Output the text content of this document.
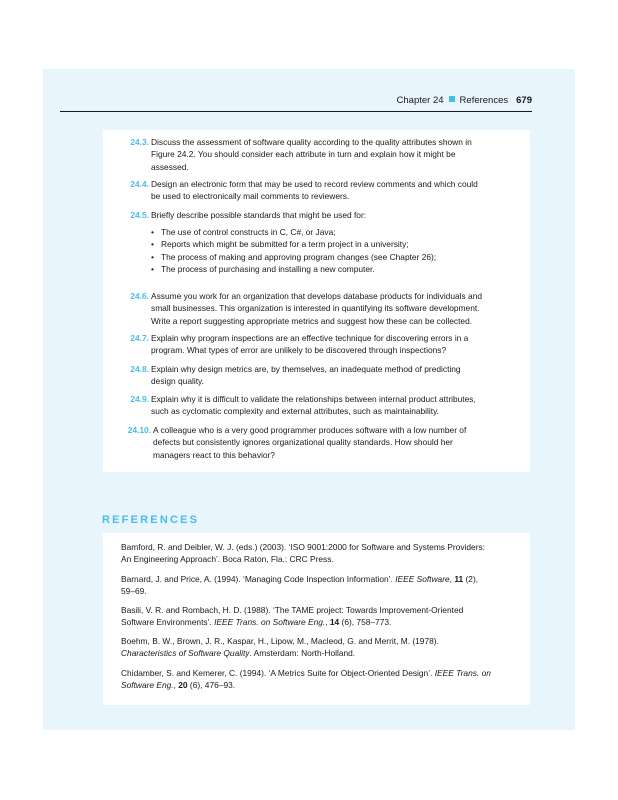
Chapter 24 References 679
24.3. Discuss the assessment of software quality according to the quality attributes shown in
Figure 24.2. You should consider each attribute in turn and explain how it might be
assessed.
24.4. Design an electronic form that may be used to record review comments and which could
be used to electronically mail comments to reviewers.
24.5. Briefly describe possible standards that might be used for:
• The use of control constructs in C, C#, or Java;
• Reports which might be submitted for a term project in a university;
• The process of making and approving program changes (see Chapter 26);
• The process of purchasing and installing a new computer.
24.6. Assume you work for an organization that develops database products for individuals and
small businesses. This organization is interested in quantifying its software development.
Write a report suggesting appropriate metrics and suggest how these can be collected.
24.7. Explain why program inspections are an effective technique for discovering errors in a
program. What types of error are unlikely to be discovered through inspections?
24.8. Explain why design metrics are, by themselves, an inadequate method of predicting
design quality.
24.9. Explain why it is difficult to validate the relationships between internal product attributes,
such as cyclomatic complexity and external attributes, such as maintainability.
24.10. A colleague who is a very good programmer produces software with a low number of
defects but consistently ignores organizational quality standards. How should her
managers react to this behavior?
REFERENCES
Bamford, R. and Deibler, W. J. (eds.) (2003). ‘ISO 9001:2000 for Software and Systems Providers:
An Engineering Approach’. Boca Raton, Fla.: CRC Press.
Barnard, J. and Price, A. (1994). ‘Managing Code Inspection Information’. IEEE Software, 11 (2),
59–69.
Basili, V. R. and Rombach, H. D. (1988). ‘The TAME project: Towards Improvement-Oriented
Software Environments’. IEEE Trans. on Software Eng., 14 (6), 758–773.
Boehm, B. W., Brown, J. R., Kaspar, H., Lipow, M., Macleod, G. and Merrit, M. (1978).
Characteristics of Software Quality. Amsterdam: North-Holland.
Chidamber, S. and Kemerer, C. (1994). ‘A Metrics Suite for Object-Oriented Design’. IEEE Trans. on
Software Eng., 20 (6), 476–93.
